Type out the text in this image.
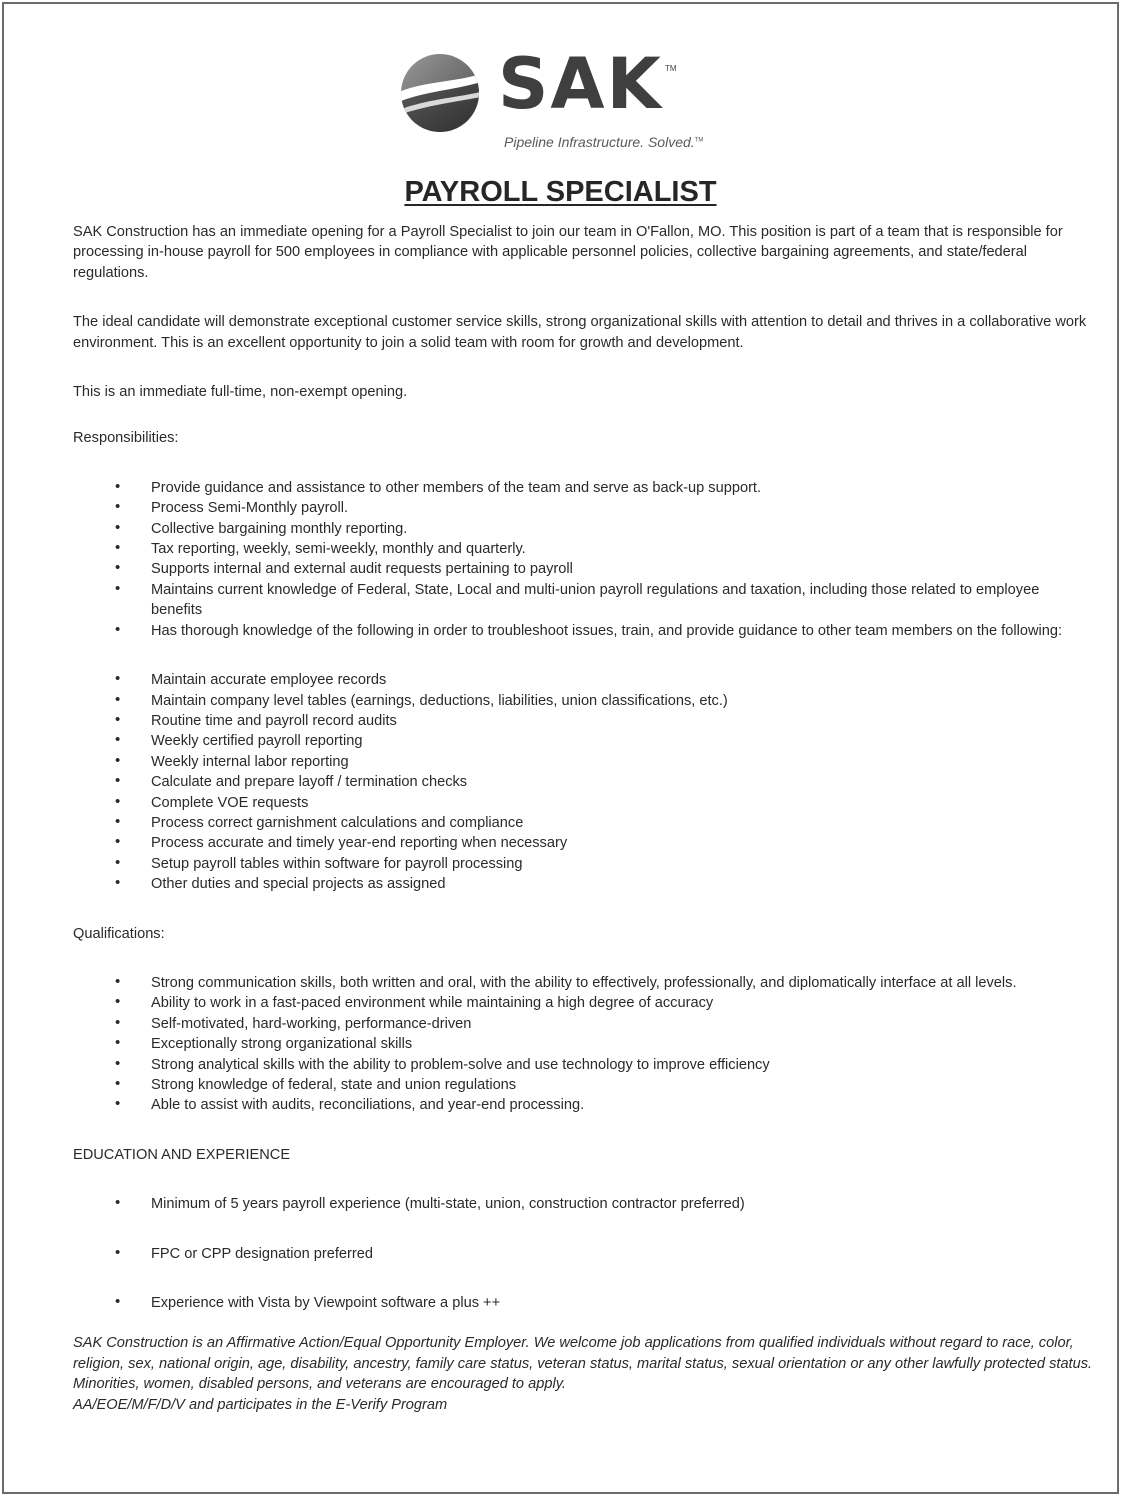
SAK TM
Pipeline Infrastructure. Solved.™
PAYROLL SPECIALIST

SAK Construction has an immediate opening for a Payroll Specialist to join our team in O'Fallon, MO. This position is part of a team that is responsible for processing in-house payroll for 500 employees in compliance with applicable personnel policies, collective bargaining agreements, and state/federal regulations.

The ideal candidate will demonstrate exceptional customer service skills, strong organizational skills with attention to detail and thrives in a collaborative work environment. This is an excellent opportunity to join a solid team with room for growth and development.

This is an immediate full-time, non-exempt opening.

Responsibilities:

• Provide guidance and assistance to other members of the team and serve as back-up support.
• Process Semi-Monthly payroll.
• Collective bargaining monthly reporting.
• Tax reporting, weekly, semi-weekly, monthly and quarterly.
• Supports internal and external audit requests pertaining to payroll
• Maintains current knowledge of Federal, State, Local and multi-union payroll regulations and taxation, including those related to employee benefits
• Has thorough knowledge of the following in order to troubleshoot issues, train, and provide guidance to other team members on the following:
• Maintain accurate employee records
• Maintain company level tables (earnings, deductions, liabilities, union classifications, etc.)
• Routine time and payroll record audits
• Weekly certified payroll reporting
• Weekly internal labor reporting
• Calculate and prepare layoff / termination checks
• Complete VOE requests
• Process correct garnishment calculations and compliance
• Process accurate and timely year-end reporting when necessary
• Setup payroll tables within software for payroll processing
• Other duties and special projects as assigned

Qualifications:

• Strong communication skills, both written and oral, with the ability to effectively, professionally, and diplomatically interface at all levels.
• Ability to work in a fast-paced environment while maintaining a high degree of accuracy
• Self-motivated, hard-working, performance-driven
• Exceptionally strong organizational skills
• Strong analytical skills with the ability to problem-solve and use technology to improve efficiency
• Strong knowledge of federal, state and union regulations
• Able to assist with audits, reconciliations, and year-end processing.

EDUCATION AND EXPERIENCE

• Minimum of 5 years payroll experience (multi-state, union, construction contractor preferred)
• FPC or CPP designation preferred
• Experience with Vista by Viewpoint software a plus ++

SAK Construction is an Affirmative Action/Equal Opportunity Employer. We welcome job applications from qualified individuals without regard to race, color, religion, sex, national origin, age, disability, ancestry, family care status, veteran status, marital status, sexual orientation or any other lawfully protected status. Minorities, women, disabled persons, and veterans are encouraged to apply.

AA/EOE/M/F/D/V and participates in the E-Verify Program
